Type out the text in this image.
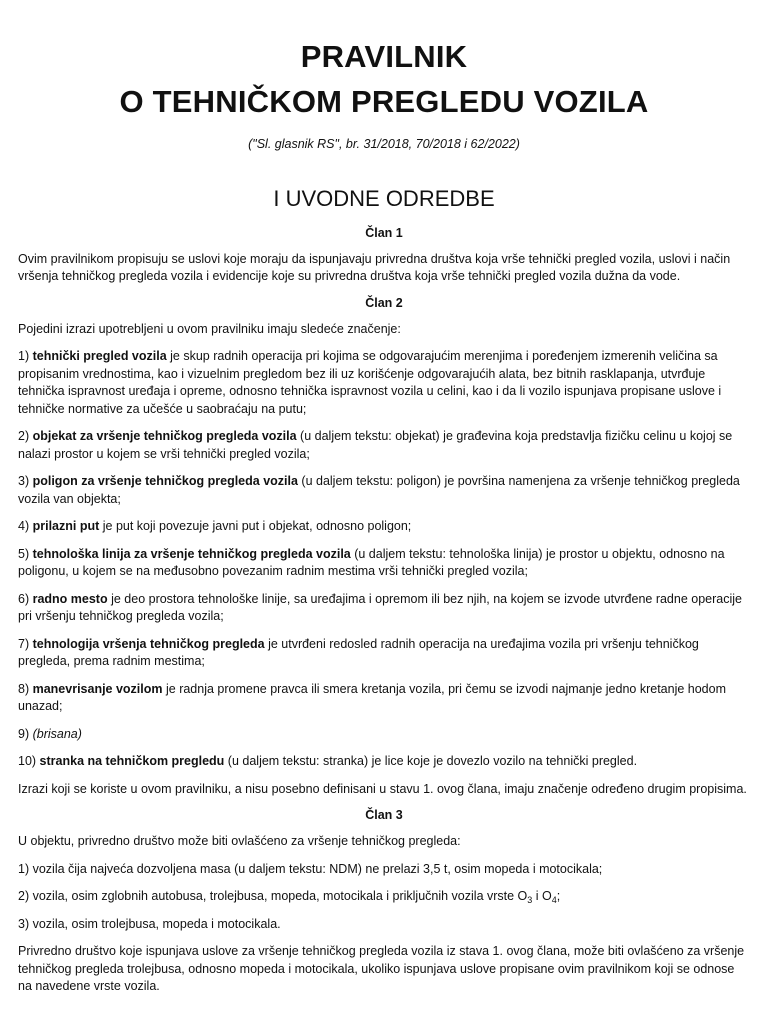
PRAVILNIK
O TEHNIČKOM PREGLEDU VOZILA

("Sl. glasnik RS", br. 31/2018, 70/2018 i 62/2022)

I UVODNE ODREDBE
Član 1

Ovim pravilnikom propisuju se uslovi koje moraju da ispunjavaju privredna društva koja vrše tehnički pregled vozila, uslovi i način vršenja tehničkog pregleda vozila i evidencije koje su privredna društva koja vrše tehnički pregled vozila dužna da vode.

Član 2

Pojedini izrazi upotrebljeni u ovom pravilniku imaju sledeće značenje:

1) tehnički pregled vozila je skup radnih operacija pri kojima se odgovarajućim merenjima i poređenjem izmerenih veličina sa propisanim vrednostima, kao i vizuelnim pregledom bez ili uz korišćenje odgovarajućih alata, bez bitnih rasklapanja, utvrđuje tehnička ispravnost uređaja i opreme, odnosno tehnička ispravnost vozila u celini, kao i da li vozilo ispunjava propisane uslove i tehničke normative za učešće u saobraćaju na putu;

2) objekat za vršenje tehničkog pregleda vozila (u daljem tekstu: objekat) je građevina koja predstavlja fizičku celinu u kojoj se nalazi prostor u kojem se vrši tehnički pregled vozila;

3) poligon za vršenje tehničkog pregleda vozila (u daljem tekstu: poligon) je površina namenjena za vršenje tehničkog pregleda vozila van objekta;

4) prilazni put je put koji povezuje javni put i objekat, odnosno poligon;

5) tehnološka linija za vršenje tehničkog pregleda vozila (u daljem tekstu: tehnološka linija) je prostor u objektu, odnosno na poligonu, u kojem se na međusobno povezanim radnim mestima vrši tehnički pregled vozila;

6) radno mesto je deo prostora tehnološke linije, sa uređajima i opremom ili bez njih, na kojem se izvode utvrđene radne operacije pri vršenju tehničkog pregleda vozila;

7) tehnologija vršenja tehničkog pregleda je utvrđeni redosled radnih operacija na uređajima vozila pri vršenju tehničkog pregleda, prema radnim mestima;

8) manevrisanje vozilom je radnja promene pravca ili smera kretanja vozila, pri čemu se izvodi najmanje jedno kretanje hodom unazad;

9) (brisana)

10) stranka na tehničkom pregledu (u daljem tekstu: stranka) je lice koje je dovezlo vozilo na tehnički pregled.

Izrazi koji se koriste u ovom pravilniku, a nisu posebno definisani u stavu 1. ovog člana, imaju značenje određeno drugim propisima.

Član 3

U objektu, privredno društvo može biti ovlašćeno za vršenje tehničkog pregleda:

1) vozila čija najveća dozvoljena masa (u daljem tekstu: NDM) ne prelazi 3,5 t, osim mopeda i motocikala;

2) vozila, osim zglobnih autobusa, trolejbusa, mopeda, motocikala i priključnih vozila vrste $O_3$ i $O_4$;

3) vozila, osim trolejbusa, mopeda i motocikala.

Privredno društvo koje ispunjava uslove za vršenje tehničkog pregleda vozila iz stava 1. ovog člana, može biti ovlašćeno za vršenje tehničkog pregleda trolejbusa, odnosno mopeda i motocikala, ukoliko ispunjava uslove propisane ovim pravilnikom koji se odnose na navedene vrste vozila.
